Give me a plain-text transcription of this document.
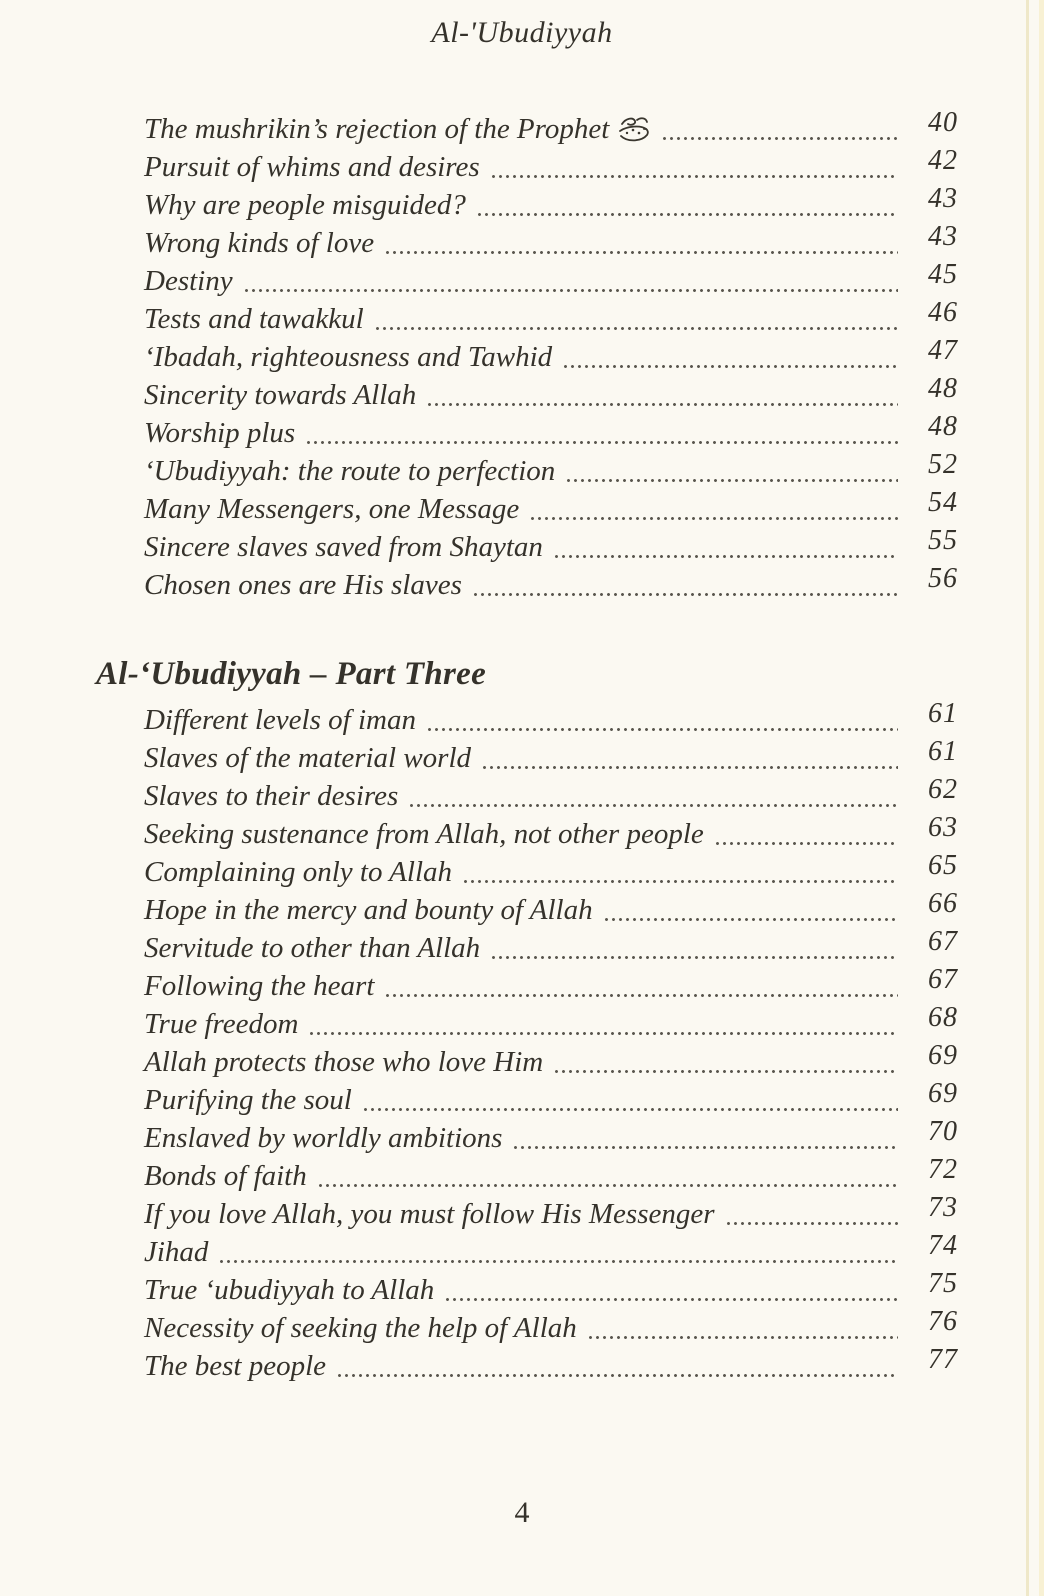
Al-'Ubudiyyah
The mushrikin’s rejection of the Prophet	40
Pursuit of whims and desires	42
Why are people misguided?	43
Wrong kinds of love	43
Destiny	45
Tests and tawakkul	46
‘Ibadah, righteousness and Tawhid	47
Sincerity towards Allah	48
Worship plus	48
‘Ubudiyyah: the route to perfection	52
Many Messengers, one Message	54
Sincere slaves saved from Shaytan	55
Chosen ones are His slaves	56
Al-‘Ubudiyyah – Part Three
Different levels of iman	61
Slaves of the material world	61
Slaves to their desires	62
Seeking sustenance from Allah, not other people	63
Complaining only to Allah	65
Hope in the mercy and bounty of Allah	66
Servitude to other than Allah	67
Following the heart	67
True freedom	68
Allah protects those who love Him	69
Purifying the soul	69
Enslaved by worldly ambitions	70
Bonds of faith	72
If you love Allah, you must follow His Messenger	73
Jihad	74
True ‘ubudiyyah to Allah	75
Necessity of seeking the help of Allah	76
The best people	77
4
